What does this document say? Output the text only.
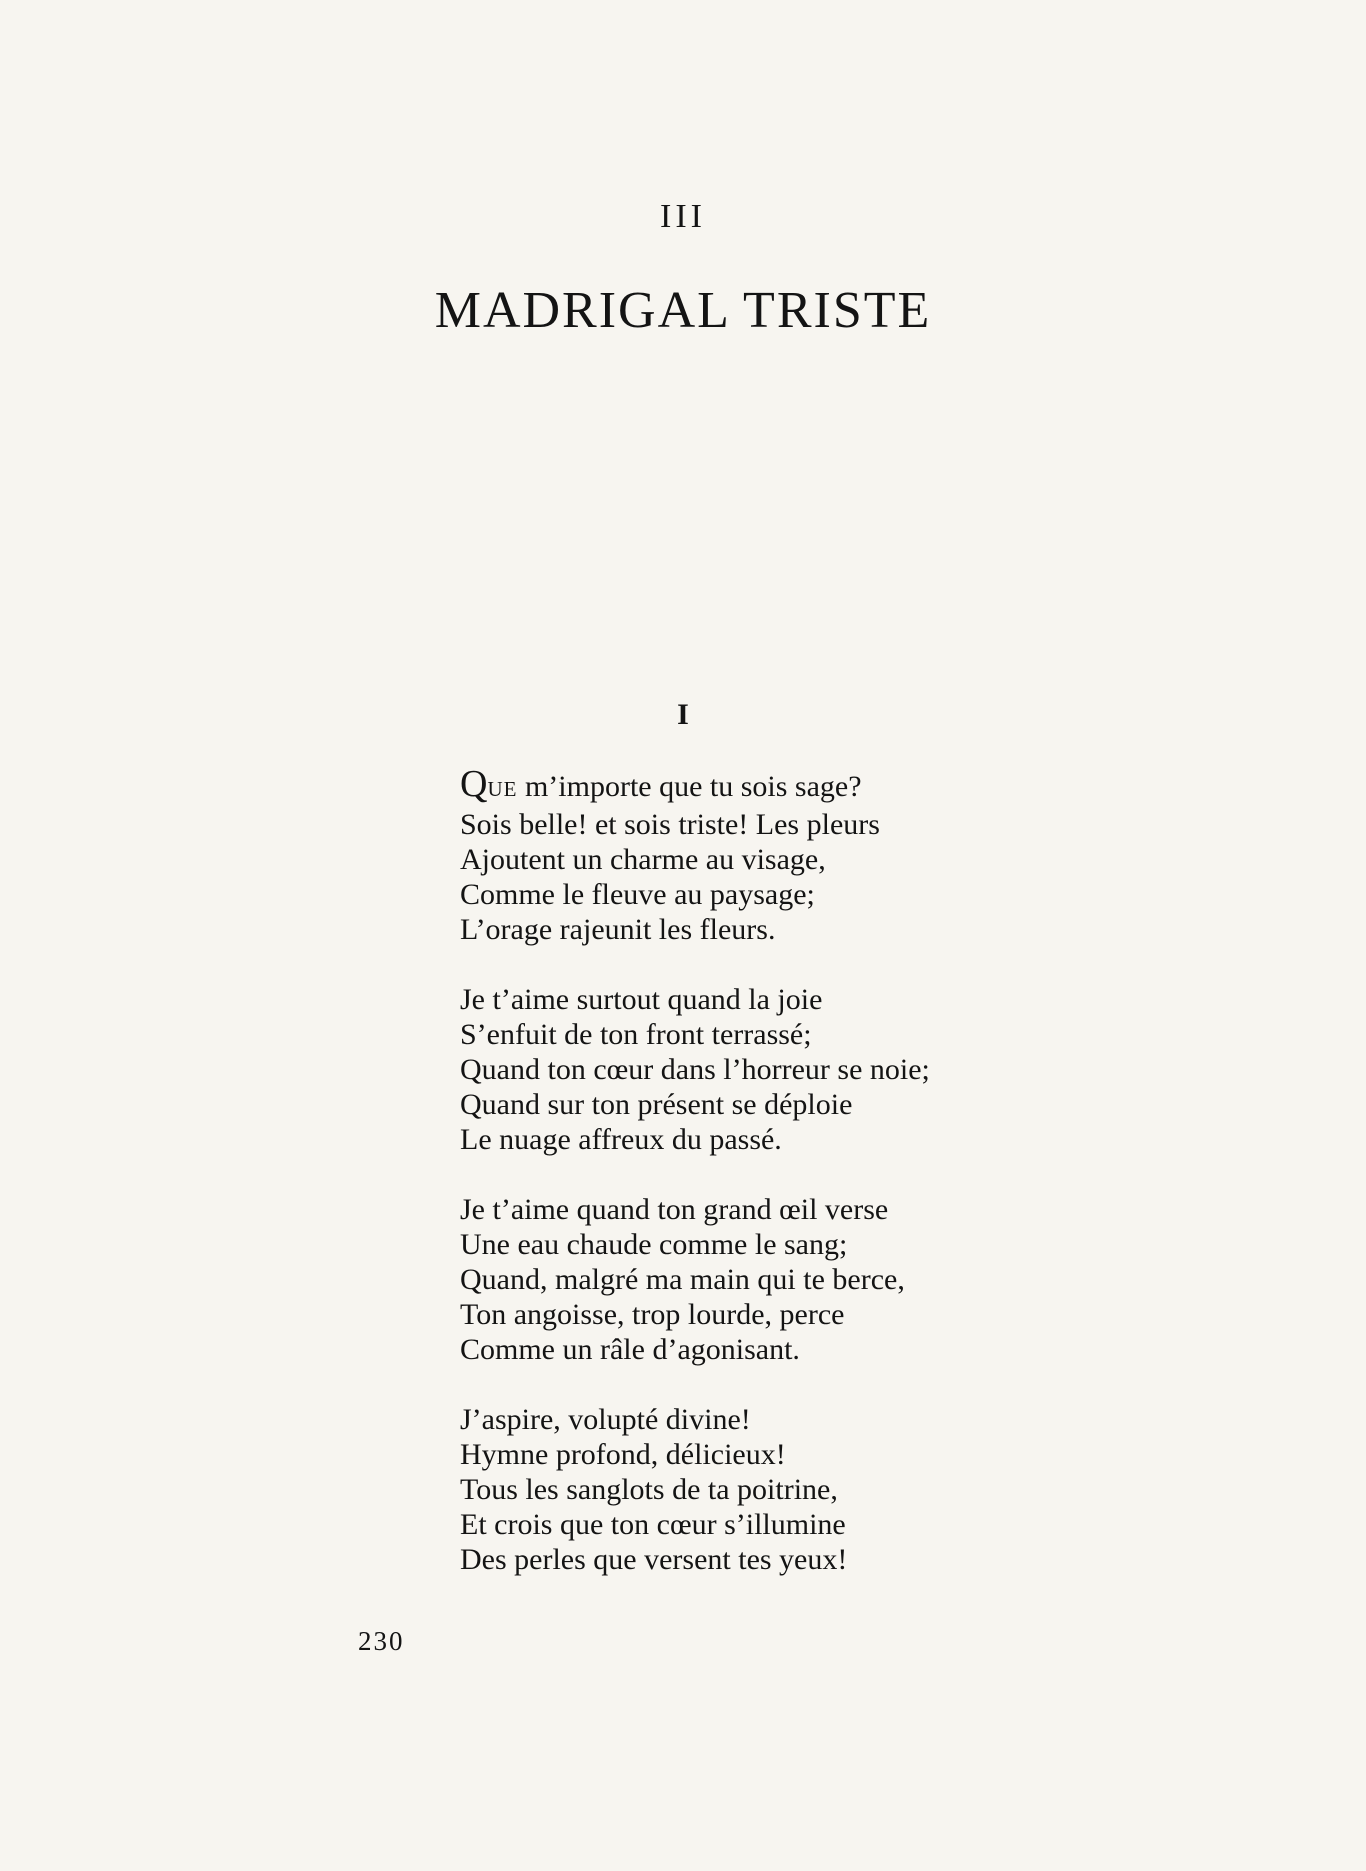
III
MADRIGAL TRISTE
I
QUE m’importe que tu sois sage?
Sois belle! et sois triste! Les pleurs
Ajoutent un charme au visage,
Comme le fleuve au paysage;
L’orage rajeunit les fleurs.
Je t’aime surtout quand la joie
S’enfuit de ton front terrassé;
Quand ton cœur dans l’horreur se noie;
Quand sur ton présent se déploie
Le nuage affreux du passé.
Je t’aime quand ton grand œil verse
Une eau chaude comme le sang;
Quand, malgré ma main qui te berce,
Ton angoisse, trop lourde, perce
Comme un râle d’agonisant.
J’aspire, volupté divine!
Hymne profond, délicieux!
Tous les sanglots de ta poitrine,
Et crois que ton cœur s’illumine
Des perles que versent tes yeux!
230
